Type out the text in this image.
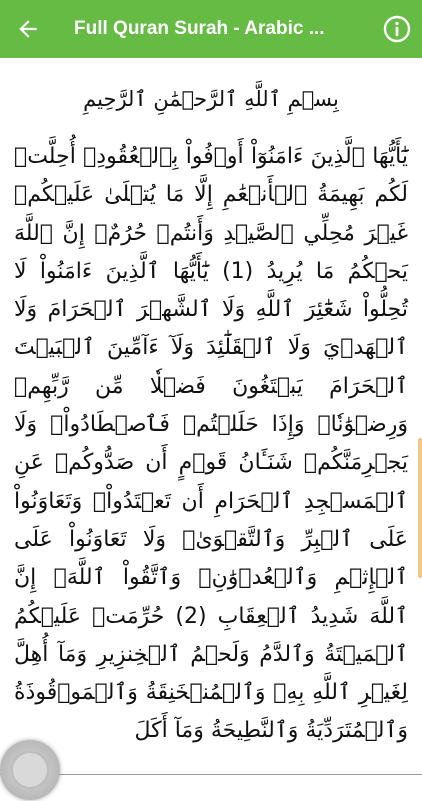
Full Quran Surah - Arabic ...
بِسۡمِ ٱللَّهِ ٱلرَّحۡمَٰنِ ٱلرَّحِيمِ
يَٰٓأَيُّهَا ٱلَّذِينَ ءَامَنُوٓاْ أَوۡفُواْ بِٱلۡعُقُودِۚ أُحِلَّتۡ لَكُم بَهِيمَةُ ٱلۡأَنۡعَٰمِ إِلَّا مَا يُتۡلَىٰ عَلَيۡكُمۡ غَيۡرَ مُحِلِّي ٱلصَّيۡدِ وَأَنتُمۡ حُرُمٌۗ إِنَّ ٱللَّهَ يَحۡكُمُ مَا يُرِيدُ (1) يَٰٓأَيُّهَا ٱلَّذِينَ ءَامَنُواْ لَا تُحِلُّواْ شَعَٰٓئِرَ ٱللَّهِ وَلَا ٱلشَّهۡرَ ٱلۡحَرَامَ وَلَا ٱلۡهَدۡيَ وَلَا ٱلۡقَلَٰٓئِدَ وَلَآ ءَآمِّينَ ٱلۡبَيۡتَ ٱلۡحَرَامَ يَبۡتَغُونَ فَضۡلٗا مِّن رَّبِّهِمۡ وَرِضۡوَٰنٗاۚ وَإِذَا حَلَلۡتُمۡ فَٱصۡطَادُواْۚ وَلَا يَجۡرِمَنَّكُمۡ شَنَـَٔانُ قَوۡمٍ أَن صَدُّوكُمۡ عَنِ ٱلۡمَسۡجِدِ ٱلۡحَرَامِ أَن تَعۡتَدُواْۘ وَتَعَاوَنُواْ عَلَى ٱلۡبِرِّ وَٱلتَّقۡوَىٰۖ وَلَا تَعَاوَنُواْ عَلَى ٱلۡإِثۡمِ وَٱلۡعُدۡوَٰنِۚ وَٱتَّقُواْ ٱللَّهَۖ إِنَّ ٱللَّهَ شَدِيدُ ٱلۡعِقَابِ (2) حُرِّمَتۡ عَلَيۡكُمُ ٱلۡمَيۡتَةُ وَٱلدَّمُ وَلَحۡمُ ٱلۡخِنزِيرِ وَمَآ أُهِلَّ لِغَيۡرِ ٱللَّهِ بِهِۦ وَٱلۡمُنۡخَنِقَةُ وَٱلۡمَوۡقُوذَةُ وَٱلۡمُتَرَدِّيَةُ وَٱلنَّطِيحَةُ وَمَآ أَكَلَ
